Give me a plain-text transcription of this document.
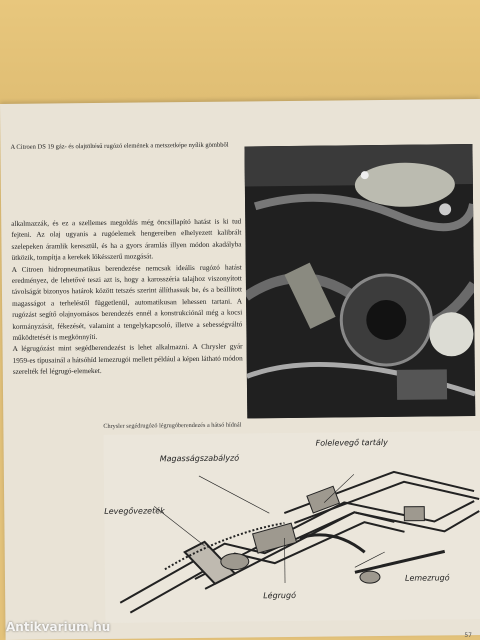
A Citroen DS 19 gáz- és olajtöltésű rugózó elemének a metszetképe nyílik gömbből

alkalmazzák, és ez a szellemes megoldás még öncsillapító hatást is ki tud fejteni. Az olaj ugyanis a rugóelemek hengereiben elhelyezett kalibrált szelepeken áramlik keresztül, és ha a gyors áramlás illyen módon akadályba ütközik, tompítja a kerekek lökésszerű mozgását.

A Citroen hidropneumatikus berendezése nemcsak ideális rugózó hatást eredményez, de lehetővé teszi azt is, hogy a karosszéria talajhoz viszonyított távolságát bizonyos határok között tetszés szerint állíthassuk be, és a beállított magasságot a terheléstől függetlenül, automatikusan lehessen tartani. A rugózást segítő olajnyomásos berendezés ennél a konstrukciónál még a kocsi kormányzását, fékezését, valamint a tengelykapcsoló, illetve a sebességváltó működtetését is megkönnyíti.

A légrugózást mint segédberendezést is lehet alkalmazni. A Chrysler gyár 1959-es típusainál a hátsóhíd lemezrugói mellett például a képen látható módon szerelték fel légrugó-elemeket.

Chrysler segédrugózó légrugóberendezés a hátsó hídnál
Magasságszabályzó
Levegővezeték
Folelevegő tartály
Légrugó
Lemezrugó
Antikvarium.hu
57
